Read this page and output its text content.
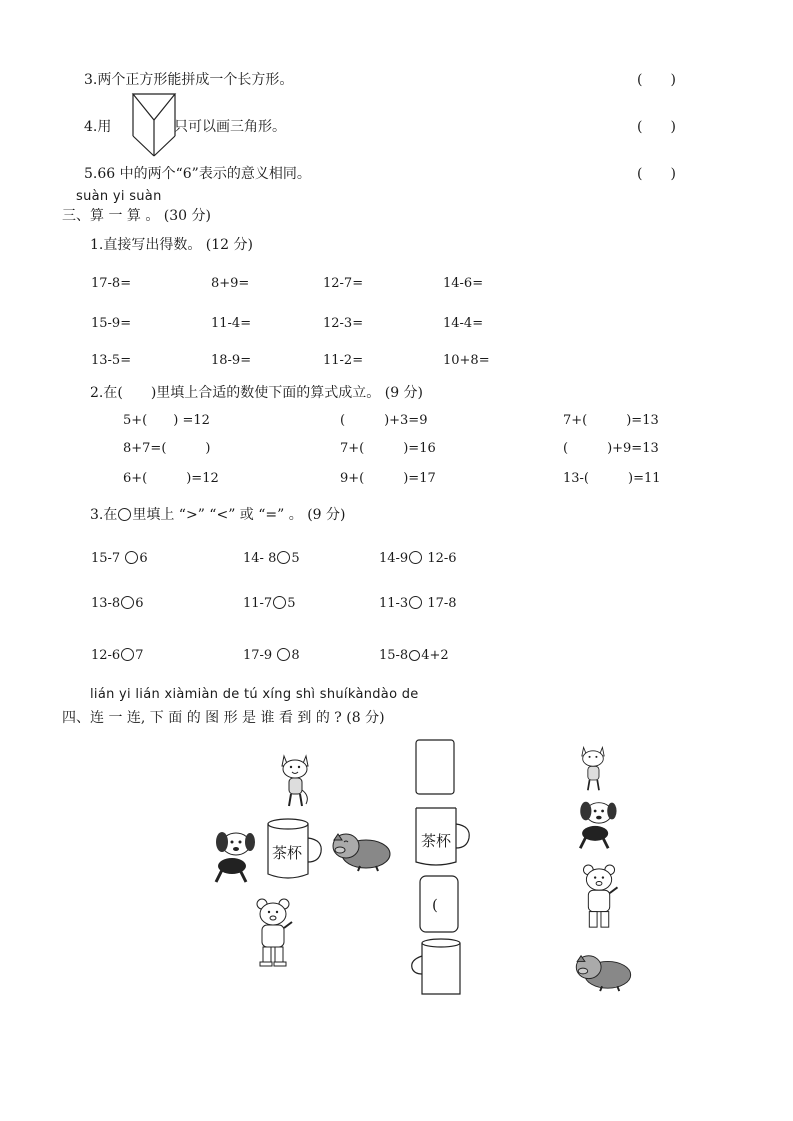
3.两个正方形能拼成一个长方形。	(　　)
4.用	只可以画三角形。	(　　)
5.66 中的两个“6”表示的意义相同。	(　　)
suàn yi suàn
三、算 一 算 。 (30 分)
1.直接写出得数。 (12 分)
17-8=	8+9=	12-7=	14-6=
15-9=	11-4=	12-3=	14-4=
13-5=	18-9=	11-2=	10+8=
2.在(　　)里填上合适的数使下面的算式成立。 (9 分)
5+(　　) =12	(　　　)+3=9	7+(　　　)=13
8+7=(　　　)	7+(　　　)=16	(　　　)+9=13
6+(　　　)=12	9+(　　　)=17	13-(　　　)=11
3.在 里填上 “>” “<” 或 “=” 。 (9 分)
15-7 6	14- 8 5	14-9 12-6
13-8 6	11-7 5	11-3 17-8
12-6 7	17-9 8	15-8 4+2
lián yi lián xiàmiàn de tú xíng shì shuíkàndào de
四、连 一 连, 下 面 的 图 形 是 谁 看 到 的 ? (8 分)
茶杯
茶杯
(
